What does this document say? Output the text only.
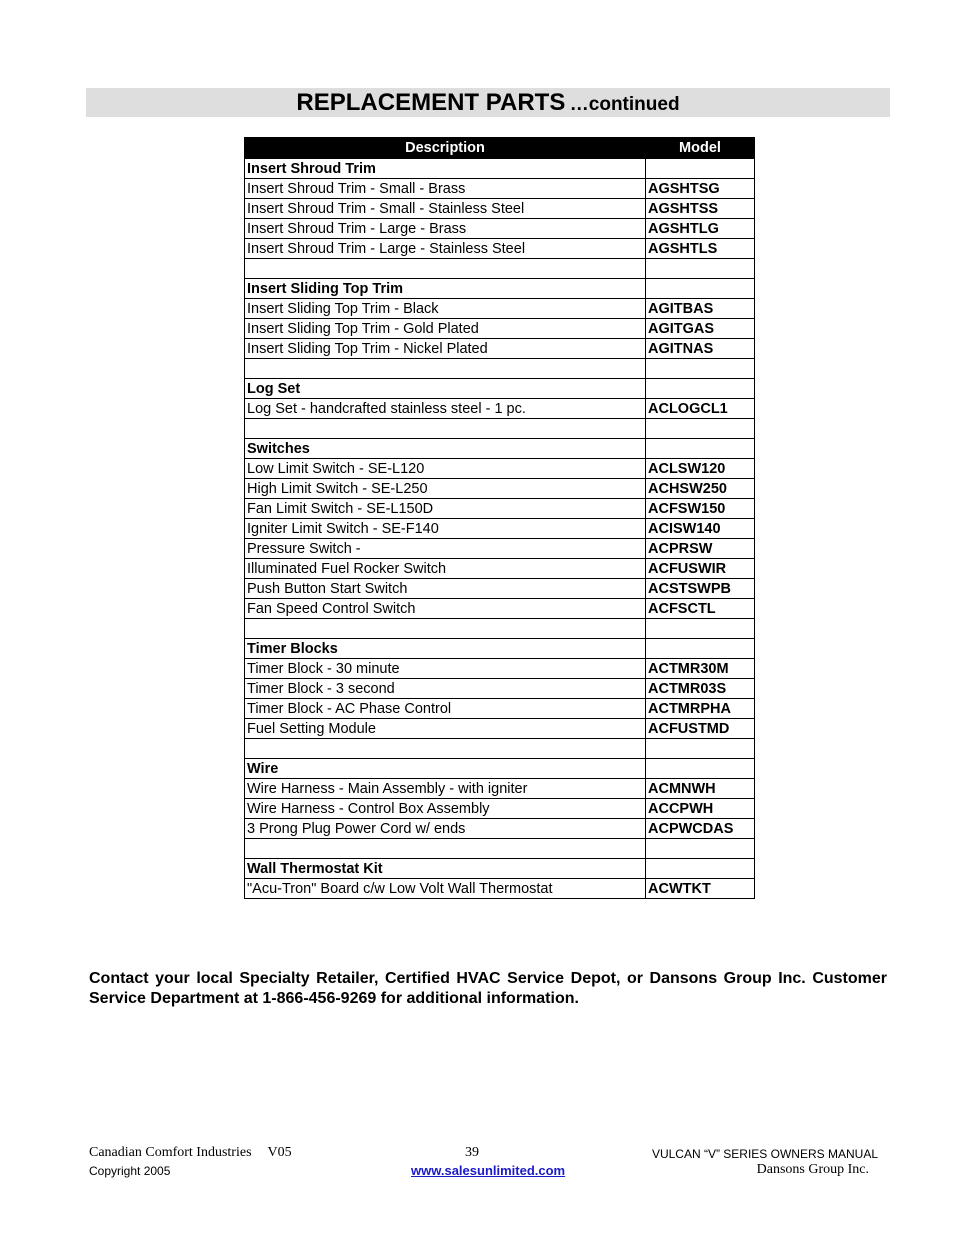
REPLACEMENT PARTS …continued
Description	Model
Insert Shroud Trim	
Insert Shroud Trim - Small - Brass	AGSHTSG
Insert Shroud Trim - Small - Stainless Steel	AGSHTSS
Insert Shroud Trim - Large - Brass	AGSHTLG
Insert Shroud Trim - Large - Stainless Steel	AGSHTLS

Insert Sliding Top Trim	
Insert Sliding Top Trim - Black	AGITBAS
Insert Sliding Top Trim - Gold Plated	AGITGAS
Insert Sliding Top Trim - Nickel Plated	AGITNAS

Log Set	
Log Set - handcrafted stainless steel - 1 pc.	ACLOGCL1

Switches	
Low Limit Switch - SE-L120	ACLSW120
High Limit Switch - SE-L250	ACHSW250
Fan Limit Switch - SE-L150D	ACFSW150
Igniter Limit Switch - SE-F140	ACISW140
Pressure Switch -	ACPRSW
Illuminated Fuel Rocker Switch	ACFUSWIR
Push Button Start Switch	ACSTSWPB
Fan Speed Control Switch	ACFSCTL

Timer Blocks	
Timer Block - 30 minute	ACTMR30M
Timer Block - 3 second	ACTMR03S
Timer Block - AC Phase Control	ACTMRPHA
Fuel Setting Module	ACFUSTMD

Wire	
Wire Harness - Main Assembly - with igniter	ACMNWH
Wire Harness - Control Box Assembly	ACCPWH
3 Prong Plug Power Cord w/ ends	ACPWCDAS

Wall Thermostat Kit	
"Acu-Tron" Board c/w Low Volt Wall Thermostat	ACWTKT
Contact your local Specialty Retailer, Certified HVAC Service Depot, or Dansons Group Inc. Customer Service Department at 1-866-456-9269 for additional information.
Canadian Comfort Industries V05
Copyright 2005
39
www.salesunlimited.com
VULCAN “V” SERIES OWNERS MANUAL
Dansons Group Inc.
